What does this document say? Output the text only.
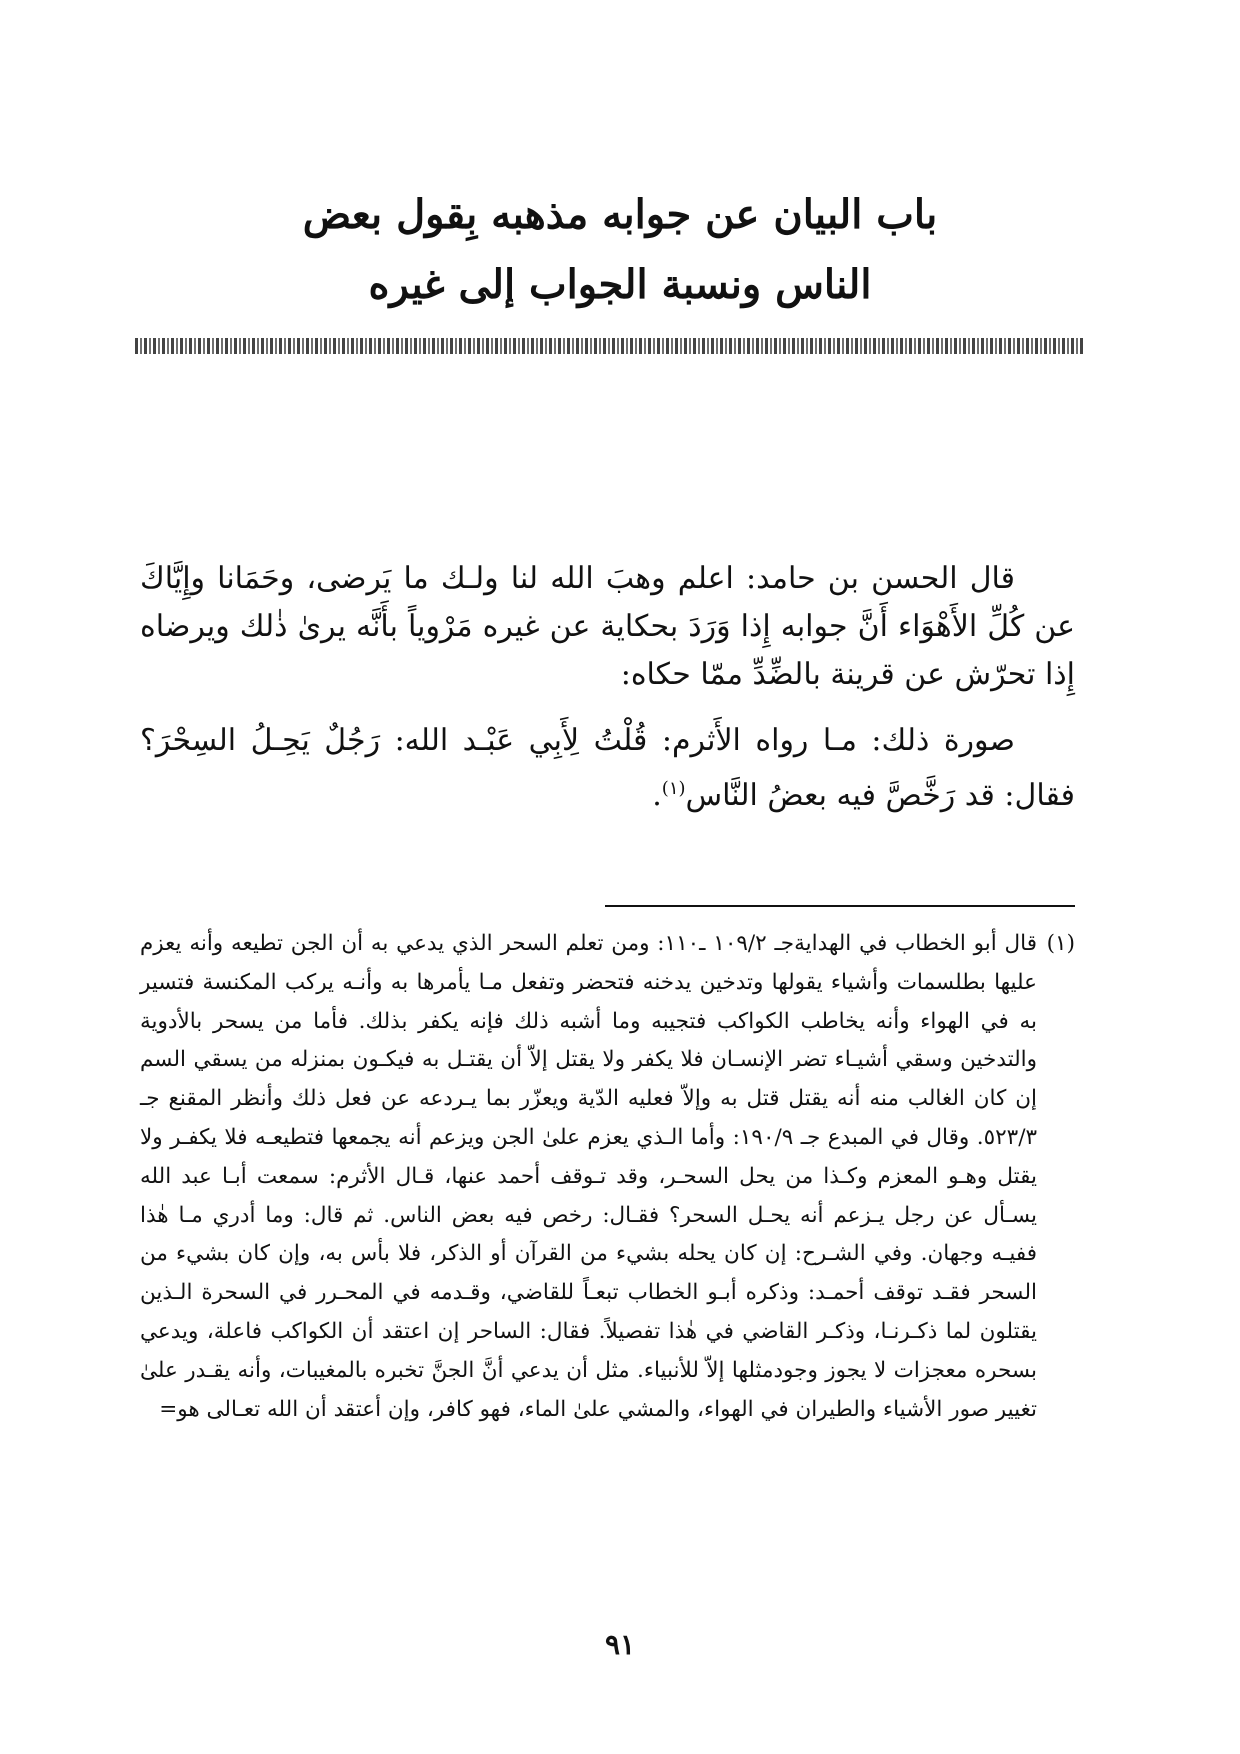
باب البيان عن جوابه مذهبه بِقول بعض
الناس ونسبة الجواب إلى غيره

قال الحسن بن حامد: اعلم وهبَ الله لنا ولـك ما يَرضى، وحَمَانا وإِيَّاكَ عن كُلِّ الأَهْوَاء أَنَّ جوابه إِذا وَرَدَ بحكاية عن غيره مَرْوياً بأَنَّه يرىٰ ذٰلك ويرضاه إِذا تحرّش عن قرينة بالضِّدِّ ممّا حكاه:

صورة ذلك: مـا رواه الأَثرم: قُلْتُ لِأَبِي عَبْـد الله: رَجُلٌ يَحِـلُ السِحْرَ؟ فقال: قد رَخَّصَّ فيه بعضُ النَّاس$^{(١)}$.

(١)
قال أبو الخطاب في الهدايةجـ ١٠٩/٢ ـ١١٠: ومن تعلم السحر الذي يدعي به أن الجن تطيعه وأنه يعزم عليها بطلسمات وأشياء يقولها وتدخين يدخنه فتحضر وتفعل مـا يأمرها به وأنـه يركب المكنسة فتسير به في الهواء وأنه يخاطب الكواكب فتجيبه وما أشبه ذلك فإنه يكفر بذلك. فأما من يسحر بالأدوية والتدخين وسقي أشيـاء تضر الإنسـان فلا يكفر ولا يقتل إلاّ أن يقتـل به فيكـون بمنزله من يسقي السم إن كان الغالب منه أنه يقتل قتل به وإلاّ فعليه الدّية ويعزّر بما يـردعه عن فعل ذلك وأنظر المقنع جـ ٥٢٣/٣. وقال في المبدع جـ ١٩٠/٩: وأما الـذي يعزم علىٰ الجن ويزعم أنه يجمعها فتطيعـه فلا يكفـر ولا يقتل وهـو المعزم وكـذا من يحل السحـر، وقد تـوقف أحمد عنها، قـال الأثرم: سمعت أبـا عبد الله يسـأل عن رجل يـزعم أنه يحـل السحر؟ فقـال: رخص فيه بعض الناس. ثم قال: وما أدري مـا هٰذا ففيـه وجهان. وفي الشـرح: إن كان يحله بشيء من القرآن أو الذكر، فلا بأس به، وإن كان بشيء من السحر فقـد توقف أحمـد: وذكره أبـو الخطاب تبعـاً للقاضي، وقـدمه في المحـرر في السحرة الـذين يقتلون لما ذكـرنـا، وذكـر القاضي في هٰذا تفصيلاً. فقال: الساحر إن اعتقد أن الكواكب فاعلة، ويدعي بسحره معجزات لا يجوز وجودمثلها إلاّ للأنبياء. مثل أن يدعي أنَّ الجنَّ تخبره بالمغيبات، وأنه يقـدر علىٰ تغيير صور الأشياء والطيران في الهواء، والمشي علىٰ الماء، فهو كافر، وإن أعتقد أن الله تعـالى هو=

٩١
